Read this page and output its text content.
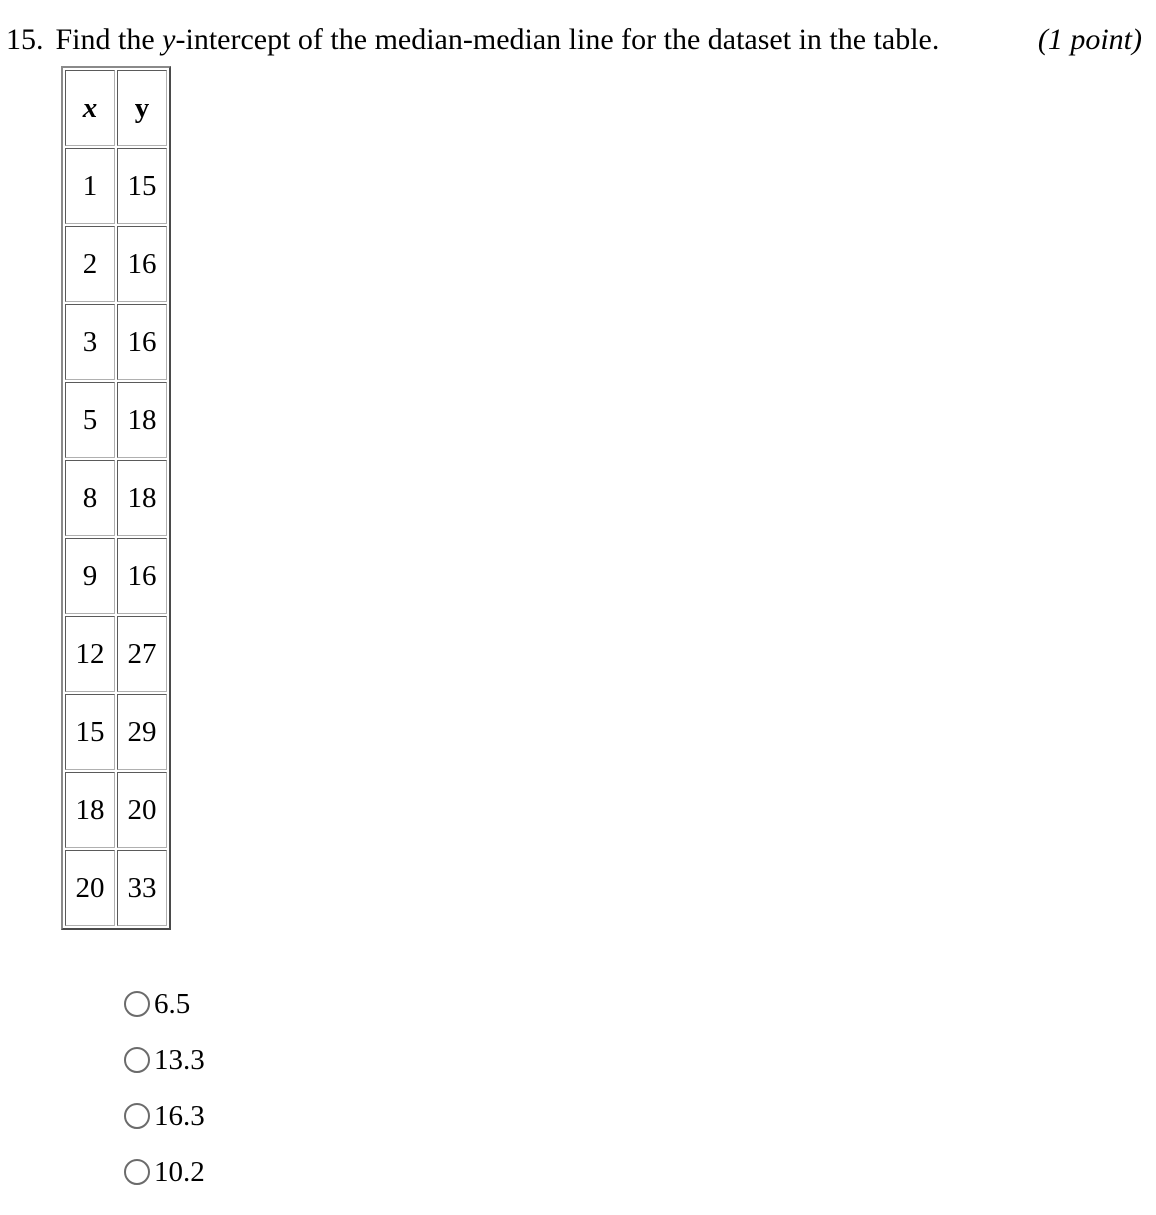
15. Find the y-intercept of the median-median line for the dataset in the table.	(1 point)
x	y
1	15
2	16
3	16
5	18
8	18
9	16
12	27
15	29
18	20
20	33
6.5
13.3
16.3
10.2
